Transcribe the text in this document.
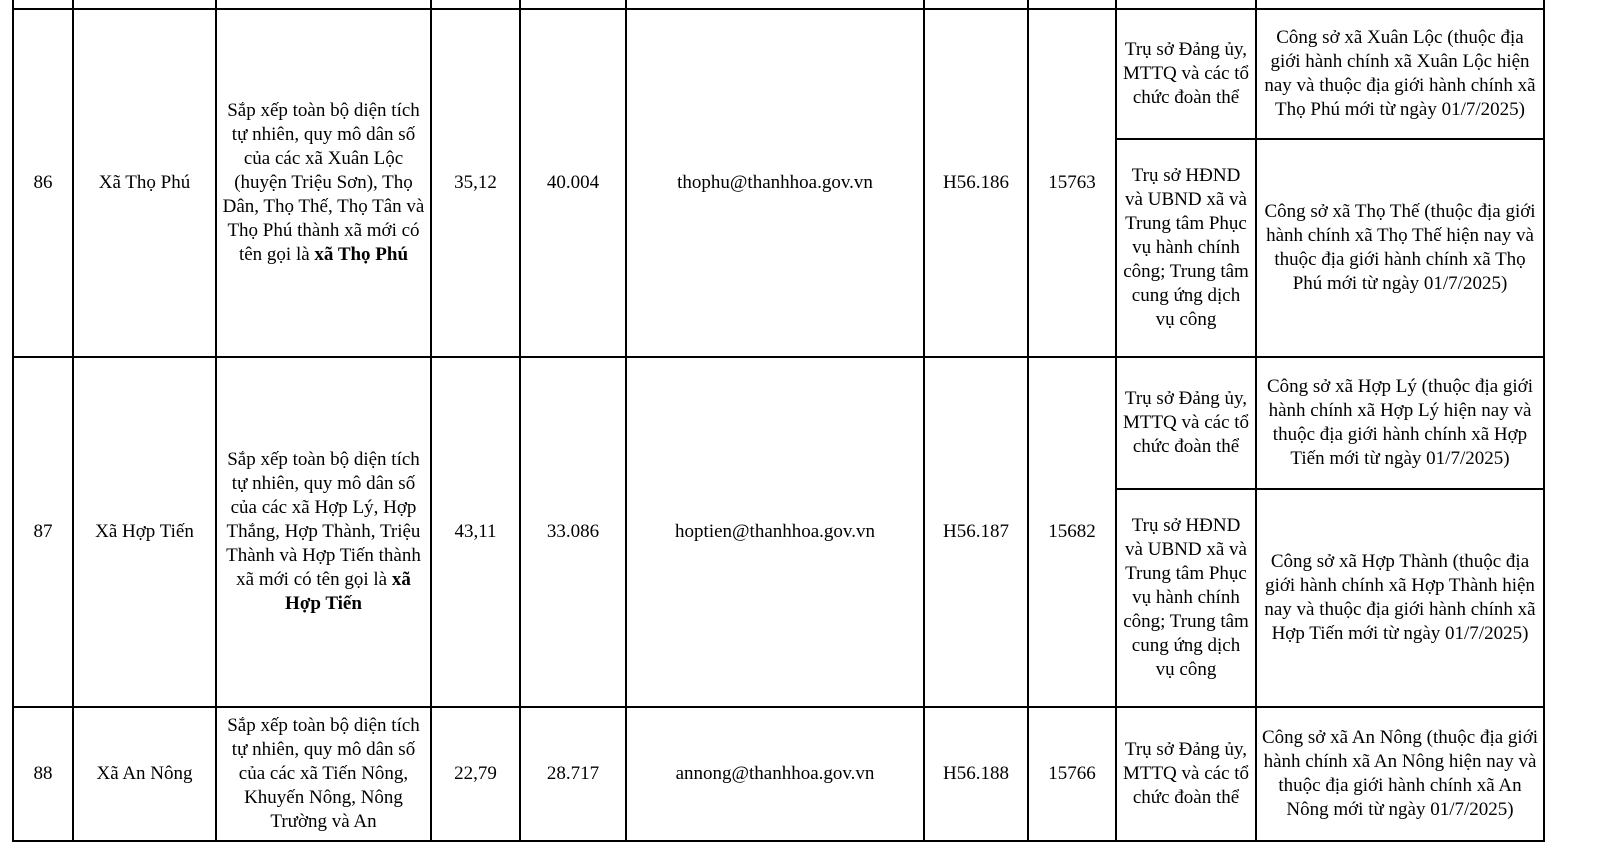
86	Xã Thọ Phú	Sắp xếp toàn bộ diện tích tự nhiên, quy mô dân số của các xã Xuân Lộc (huyện Triệu Sơn), Thọ Dân, Thọ Thế, Thọ Tân và Thọ Phú thành xã mới có tên gọi là xã Thọ Phú	35,12	40.004	thophu@thanhhoa.gov.vn	H56.186	15763	Trụ sở Đảng ủy, MTTQ và các tổ chức đoàn thể	Công sở xã Xuân Lộc (thuộc địa giới hành chính xã Xuân Lộc hiện nay và thuộc địa giới hành chính xã Thọ Phú mới từ ngày 01/7/2025)
								Trụ sở HĐND và UBND xã và Trung tâm Phục vụ hành chính công; Trung tâm cung ứng dịch vụ công	Công sở xã Thọ Thế (thuộc địa giới hành chính xã Thọ Thế hiện nay và thuộc địa giới hành chính xã Thọ Phú mới từ ngày 01/7/2025)
87	Xã Hợp Tiến	Sắp xếp toàn bộ diện tích tự nhiên, quy mô dân số của các xã Hợp Lý, Hợp Thắng, Hợp Thành, Triệu Thành và Hợp Tiến thành xã mới có tên gọi là xã Hợp Tiến	43,11	33.086	hoptien@thanhhoa.gov.vn	H56.187	15682	Trụ sở Đảng ủy, MTTQ và các tổ chức đoàn thể	Công sở xã Hợp Lý (thuộc địa giới hành chính xã Hợp Lý hiện nay và thuộc địa giới hành chính xã Hợp Tiến mới từ ngày 01/7/2025)
								Trụ sở HĐND và UBND xã và Trung tâm Phục vụ hành chính công; Trung tâm cung ứng dịch vụ công	Công sở xã Hợp Thành (thuộc địa giới hành chính xã Hợp Thành hiện nay và thuộc địa giới hành chính xã Hợp Tiến mới từ ngày 01/7/2025)
88	Xã An Nông	Sắp xếp toàn bộ diện tích tự nhiên, quy mô dân số của các xã Tiến Nông, Khuyến Nông, Nông Trường và An	22,79	28.717	annong@thanhhoa.gov.vn	H56.188	15766	Trụ sở Đảng ủy, MTTQ và các tổ chức đoàn thể	Công sở xã An Nông (thuộc địa giới hành chính xã An Nông hiện nay và thuộc địa giới hành chính xã An Nông mới từ ngày 01/7/2025)
